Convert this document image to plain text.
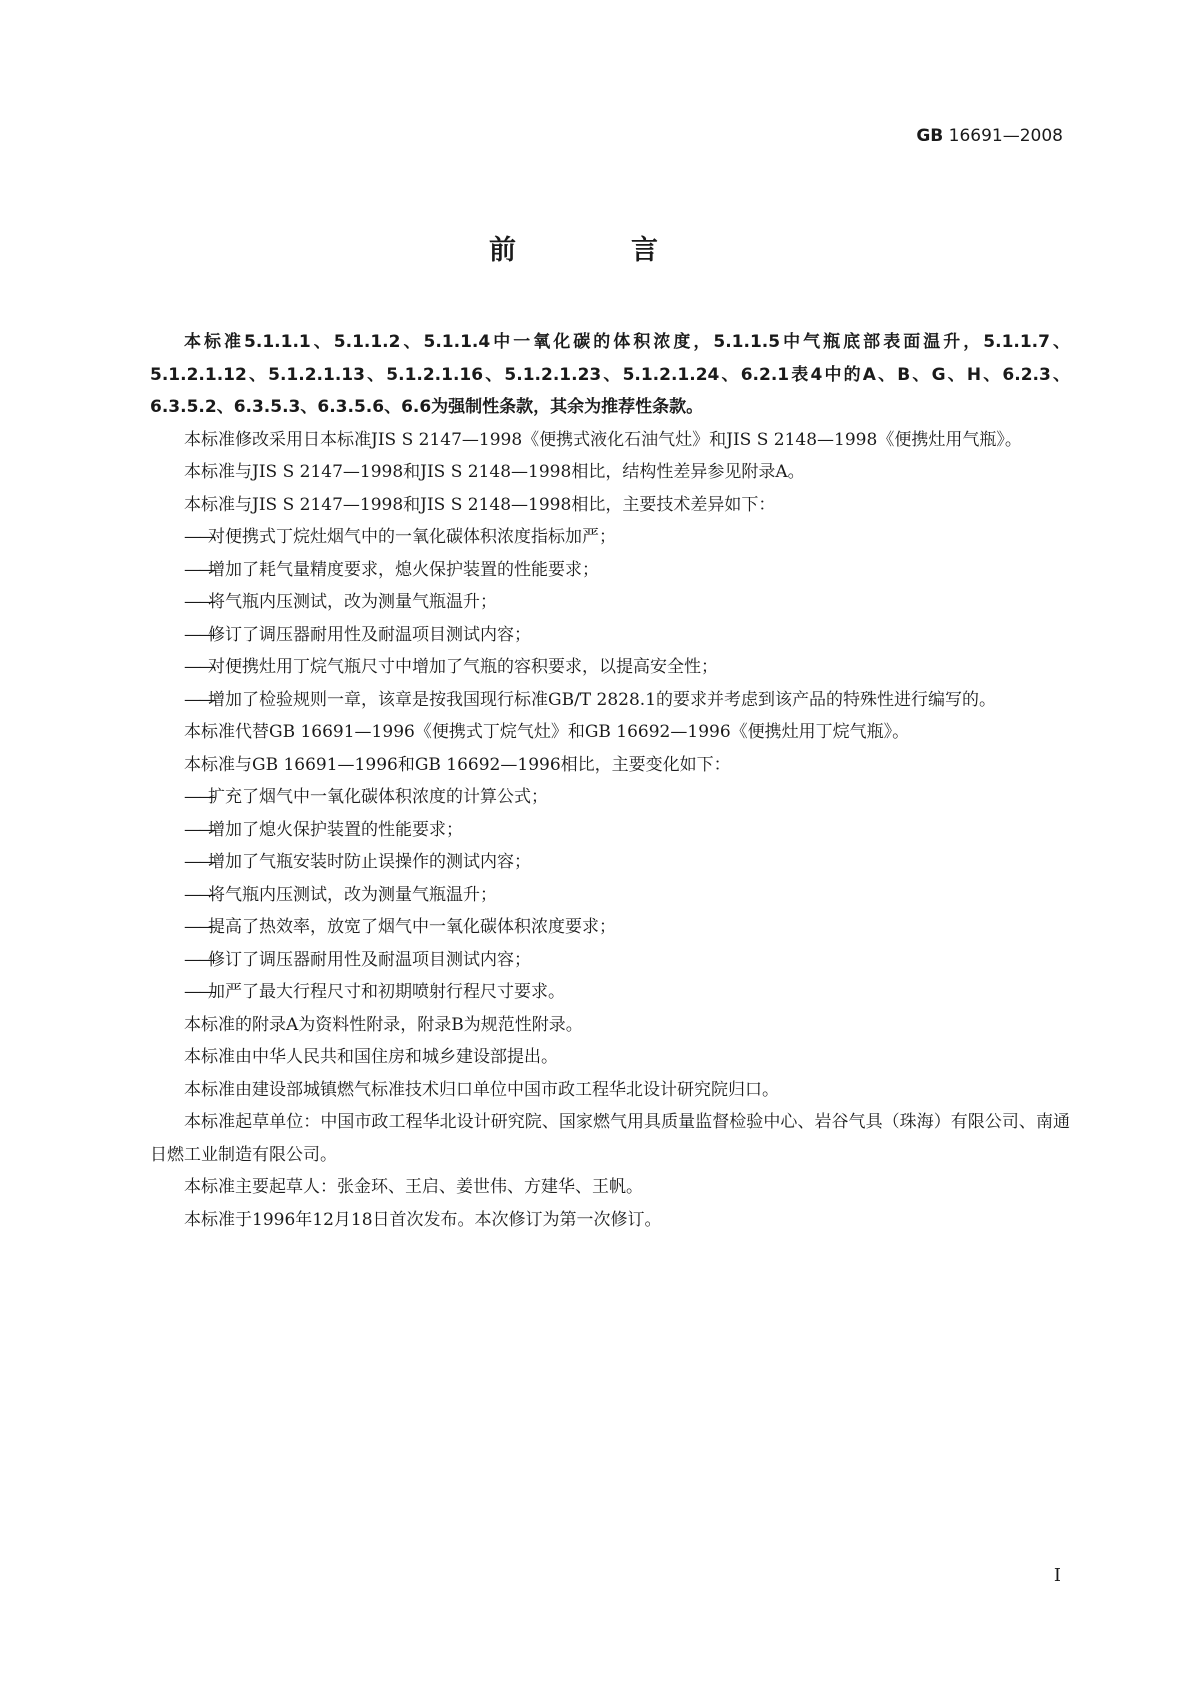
GB 16691—2008
前　言

本标准5.1.1.1、5.1.1.2、5.1.1.4中一氧化碳的体积浓度，5.1.1.5中气瓶底部表面温升，5.1.1.7、5.1.2.1.12、5.1.2.1.13、5.1.2.1.16、5.1.2.1.23、5.1.2.1.24、6.2.1表4中的A、B、G、H、6.2.3、6.3.5.2、6.3.5.3、6.3.5.6、6.6为强制性条款，其余为推荐性条款。

本标准修改采用日本标准JIS S 2147—1998《便携式液化石油气灶》和JIS S 2148—1998《便携灶用气瓶》。

本标准与JIS S 2147—1998和JIS S 2148—1998相比，结构性差异参见附录A。

本标准与JIS S 2147—1998和JIS S 2148—1998相比，主要技术差异如下：

——对便携式丁烷灶烟气中的一氧化碳体积浓度指标加严；

——增加了耗气量精度要求，熄火保护装置的性能要求；

——将气瓶内压测试，改为测量气瓶温升；

——修订了调压器耐用性及耐温项目测试内容；

——对便携灶用丁烷气瓶尺寸中增加了气瓶的容积要求，以提高安全性；

——增加了检验规则一章，该章是按我国现行标准GB/T 2828.1的要求并考虑到该产品的特殊性进行编写的。

本标准代替GB 16691—1996《便携式丁烷气灶》和GB 16692—1996《便携灶用丁烷气瓶》。

本标准与GB 16691—1996和GB 16692—1996相比，主要变化如下：

——扩充了烟气中一氧化碳体积浓度的计算公式；

——增加了熄火保护装置的性能要求；

——增加了气瓶安装时防止误操作的测试内容；

——将气瓶内压测试，改为测量气瓶温升；

——提高了热效率，放宽了烟气中一氧化碳体积浓度要求；

——修订了调压器耐用性及耐温项目测试内容；

——加严了最大行程尺寸和初期喷射行程尺寸要求。

本标准的附录A为资料性附录，附录B为规范性附录。

本标准由中华人民共和国住房和城乡建设部提出。

本标准由建设部城镇燃气标准技术归口单位中国市政工程华北设计研究院归口。

本标准起草单位：中国市政工程华北设计研究院、国家燃气用具质量监督检验中心、岩谷气具（珠海）有限公司、南通日燃工业制造有限公司。

本标准主要起草人：张金环、王启、姜世伟、方建华、王帆。

本标准于1996年12月18日首次发布。本次修订为第一次修订。

I
